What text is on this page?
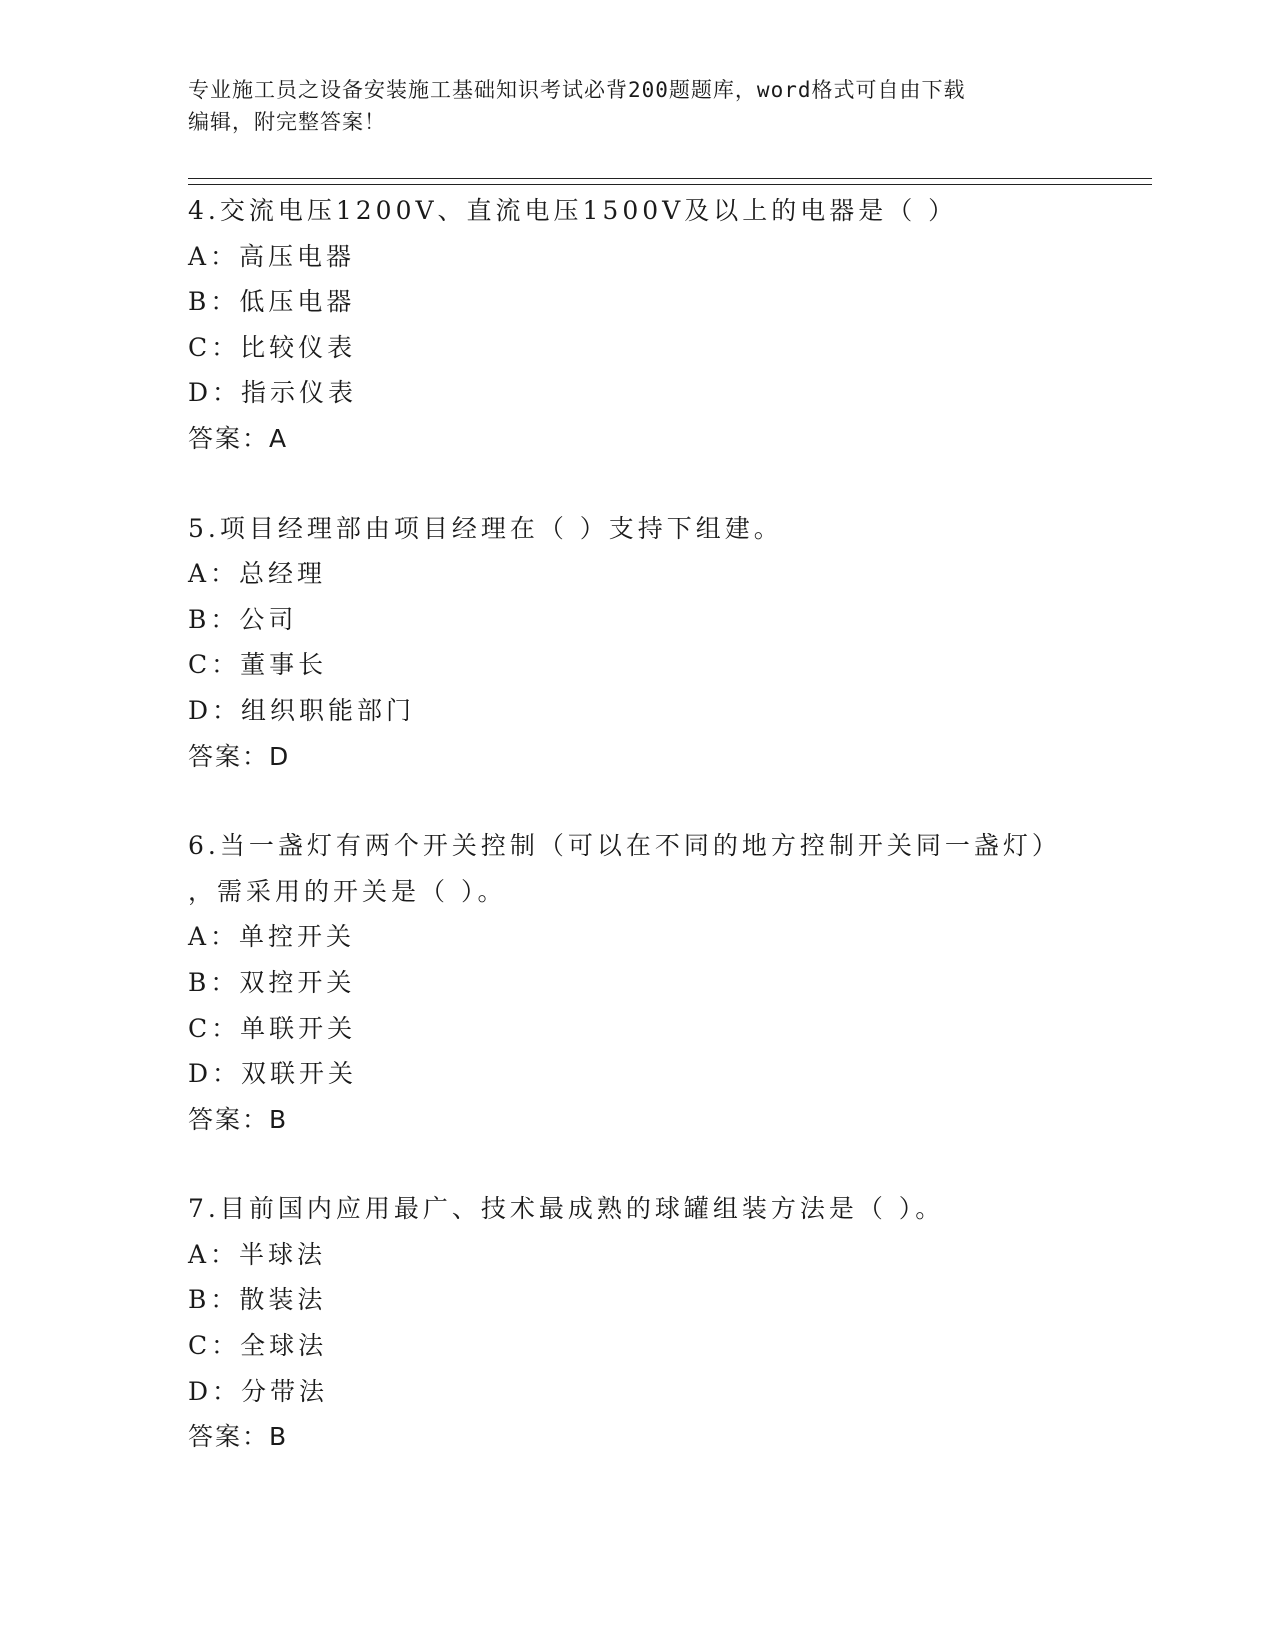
专业施工员之设备安装施工基础知识考试必背200题题库，word格式可自由下载
编辑，附完整答案！
4.交流电压1200V、直流电压1500V及以上的电器是（ ）
A：高压电器
B：低压电器
C：比较仪表
D：指示仪表
答案：A
5.项目经理部由项目经理在（ ）支持下组建。
A：总经理
B：公司
C：董事长
D：组织职能部门
答案：D
6.当一盏灯有两个开关控制（可以在不同的地方控制开关同一盏灯）
，需采用的开关是（ ）。
A：单控开关
B：双控开关
C：单联开关
D：双联开关
答案：B
7.目前国内应用最广、技术最成熟的球罐组装方法是（ ）。
A：半球法
B：散装法
C：全球法
D：分带法
答案：B
